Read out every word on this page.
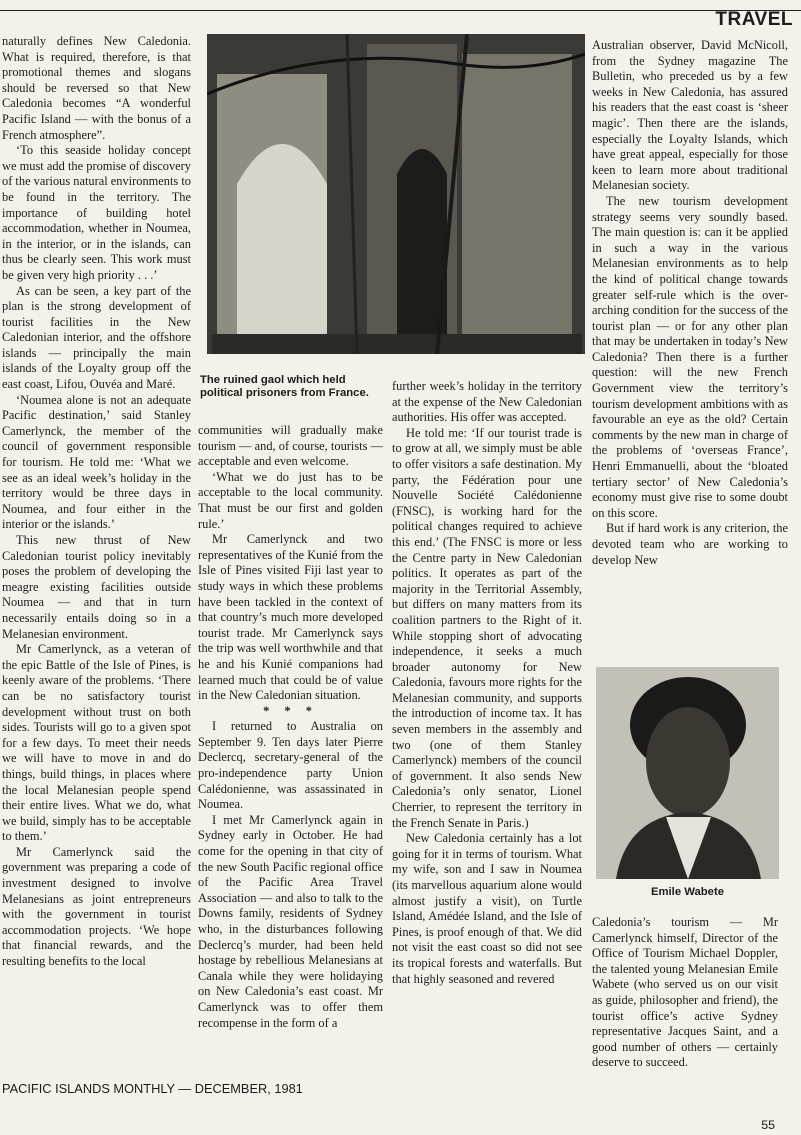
TRAVEL

naturally defines New Caledonia. What is required, therefore, is that promotional themes and slogans should be reversed so that New Caledonia becomes “A wonderful Pacific Island — with the bonus of a French atmosphere”.

‘To this seaside holiday concept we must add the promise of discovery of the various natural environments to be found in the territory. The importance of building hotel accommodation, whether in Noumea, in the interior, or in the islands, can thus be clearly seen. This work must be given very high priority . . .’

As can be seen, a key part of the plan is the strong development of tourist facilities in the New Caledonian interior, and the offshore islands — principally the main islands of the Loyalty group off the east coast, Lifou, Ouvéa and Maré.

‘Noumea alone is not an adequate Pacific destination,’ said Stanley Camerlynck, the member of the council of government responsible for tourism. He told me: ‘What we see as an ideal week’s holiday in the territory would be three days in Noumea, and four either in the interior or the islands.’

This new thrust of New Caledonian tourist policy inevitably poses the problem of developing the meagre existing facilities outside Noumea — and that in turn necessarily entails doing so in a Melanesian environment.

Mr Camerlynck, as a veteran of the epic Battle of the Isle of Pines, is keenly aware of the problems. ‘There can be no satisfactory tourist development without trust on both sides. Tourists will go to a given spot for a few days. To meet their needs we will have to move in and do things, build things, in places where the local Melanesian people spend their entire lives. What we do, what we build, simply has to be acceptable to them.’

Mr Camerlynck said the government was preparing a code of investment designed to involve Melanesians as joint entrepreneurs with the government in tourist accommodation projects. ‘We hope that financial rewards, and the resulting benefits to the local

The ruined gaol which held political prisoners from France.

communities will gradually make tourism — and, of course, tourists — acceptable and even welcome.

‘What we do just has to be acceptable to the local community. That must be our first and golden rule.’

Mr Camerlynck and two representatives of the Kunié from the Isle of Pines visited Fiji last year to study ways in which these problems have been tackled in the context of that country’s much more developed tourist trade. Mr Camerlynck says the trip was well worthwhile and that he and his Kunié companions had learned much that could be of value in the New Caledonian situation.

* * *

I returned to Australia on September 9. Ten days later Pierre Declercq, secretary-general of the pro-independence party Union Calédonienne, was assassinated in Noumea.

I met Mr Camerlynck again in Sydney early in October. He had come for the opening in that city of the new South Pacific regional office of the Pacific Area Travel Association — and also to talk to the Downs family, residents of Sydney who, in the disturbances following Declercq’s murder, had been held hostage by rebellious Melanesians at Canala while they were holidaying on New Caledonia’s east coast. Mr Camerlynck was to offer them recompense in the form of a

further week’s holiday in the territory at the expense of the New Caledonian authorities. His offer was accepted.

He told me: ‘If our tourist trade is to grow at all, we simply must be able to offer visitors a safe destination. My party, the Fédération pour une Nouvelle Société Calédonienne (FNSC), is working hard for the political changes required to achieve this end.’ (The FNSC is more or less the Centre party in New Caledonian politics. It operates as part of the majority in the Territorial Assembly, but differs on many matters from its coalition partners to the Right of it. While stopping short of advocating independence, it seeks a much broader autonomy for New Caledonia, favours more rights for the Melanesian community, and supports the introduction of income tax. It has seven members in the assembly and two (one of them Stanley Camerlynck) members of the council of government. It also sends New Caledonia’s only senator, Lionel Cherrier, to represent the territory in the French Senate in Paris.)

New Caledonia certainly has a lot going for it in terms of tourism. What my wife, son and I saw in Noumea (its marvellous aquarium alone would almost justify a visit), on Turtle Island, Amédée Island, and the Isle of Pines, is proof enough of that. We did not visit the east coast so did not see its tropical forests and waterfalls. But that highly seasoned and revered

Australian observer, David McNicoll, from the Sydney magazine The Bulletin, who preceded us by a few weeks in New Caledonia, has assured his readers that the east coast is ‘sheer magic’. Then there are the islands, especially the Loyalty Islands, which have great appeal, especially for those keen to learn more about traditional Melanesian society.

The new tourism development strategy seems very soundly based. The main question is: can it be applied in such a way in the various Melanesian environments as to help the kind of political change towards greater self-rule which is the over-arching condition for the success of the tourist plan — or for any other plan that may be undertaken in today’s New Caledonia? Then there is a further question: will the new French Government view the territory’s tourism development ambitions with as favourable an eye as the old? Certain comments by the new man in charge of the problems of ‘overseas France’, Henri Emmanuelli, about the ‘bloated tertiary sector’ of New Caledonia’s economy must give rise to some doubt on this score.

But if hard work is any criterion, the devoted team who are working to develop New

Emile Wabete

Caledonia’s tourism — Mr Camerlynck himself, Director of the Office of Tourism Michael Doppler, the talented young Melanesian Emile Wabete (who served us on our visit as guide, philosopher and friend), the tourist office’s active Sydney representative Jacques Saint, and a good number of others — certainly deserve to succeed.

PACIFIC ISLANDS MONTHLY — DECEMBER, 1981
55
